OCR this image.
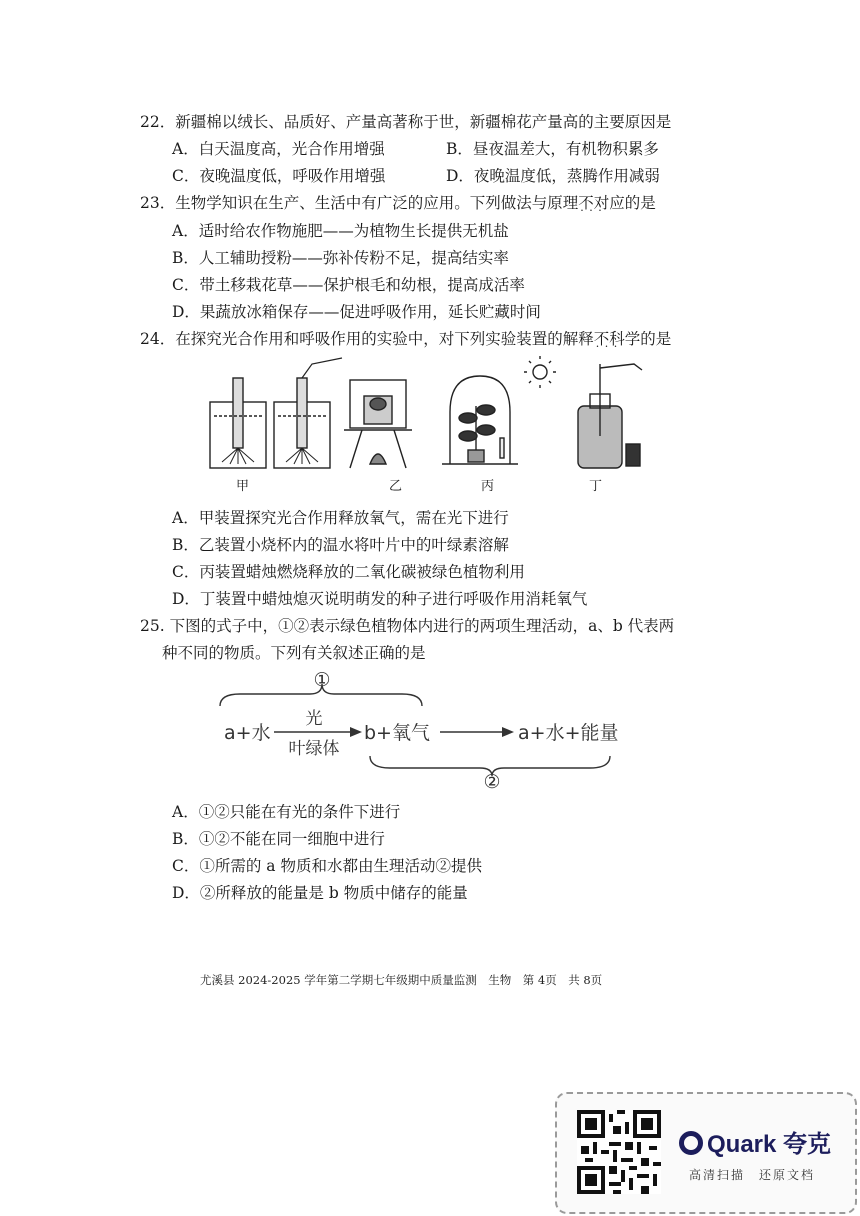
22．新疆棉以绒长、品质好、产量高著称于世，新疆棉花产量高的主要原因是
A．白天温度高，光合作用增强	B．昼夜温差大，有机物积累多
C．夜晚温度低，呼吸作用增强	D．夜晚温度低，蒸腾作用减弱
23．生物学知识在生产、生活中有广泛的应用。下列做法与原理不对应 · · ·的是
A．适时给农作物施肥——为植物生长提供无机盐
B．人工辅助授粉——弥补传粉不足，提高结实率
C．带土移栽花草——保护根毛和幼根，提高成活率
D．果蔬放冰箱保存——促进呼吸作用，延长贮藏时间
24．在探究光合作用和呼吸作用的实验中，对下列实验装置的解释不科学 · · ·的是
甲	乙	丙	丁
A．甲装置探究光合作用释放氧气，需在光下进行
B．乙装置小烧杯内的温水将叶片中的叶绿素溶解
C．丙装置蜡烛燃烧释放的二氧化碳被绿色植物利用
D．丁装置中蜡烛熄灭说明萌发的种子进行呼吸作用消耗氧气
25. 下图的式子中，①②表示绿色植物体内进行的两项生理活动，a、b 代表两
种不同的物质。下列有关叙述正确的是
①
②
a+水
光
叶绿体
b+氧气	a+水+能量
A．①②只能在有光的条件下进行
B．①②不能在同一细胞中进行
C．①所需的 a 物质和水都由生理活动②提供
D．②所释放的能量是 b 物质中储存的能量
尤溪县 2024-2025 学年第二学期七年级期中质量监测　生物　第 4页　共 8页
Quark 夸克
高清扫描　还原文档
